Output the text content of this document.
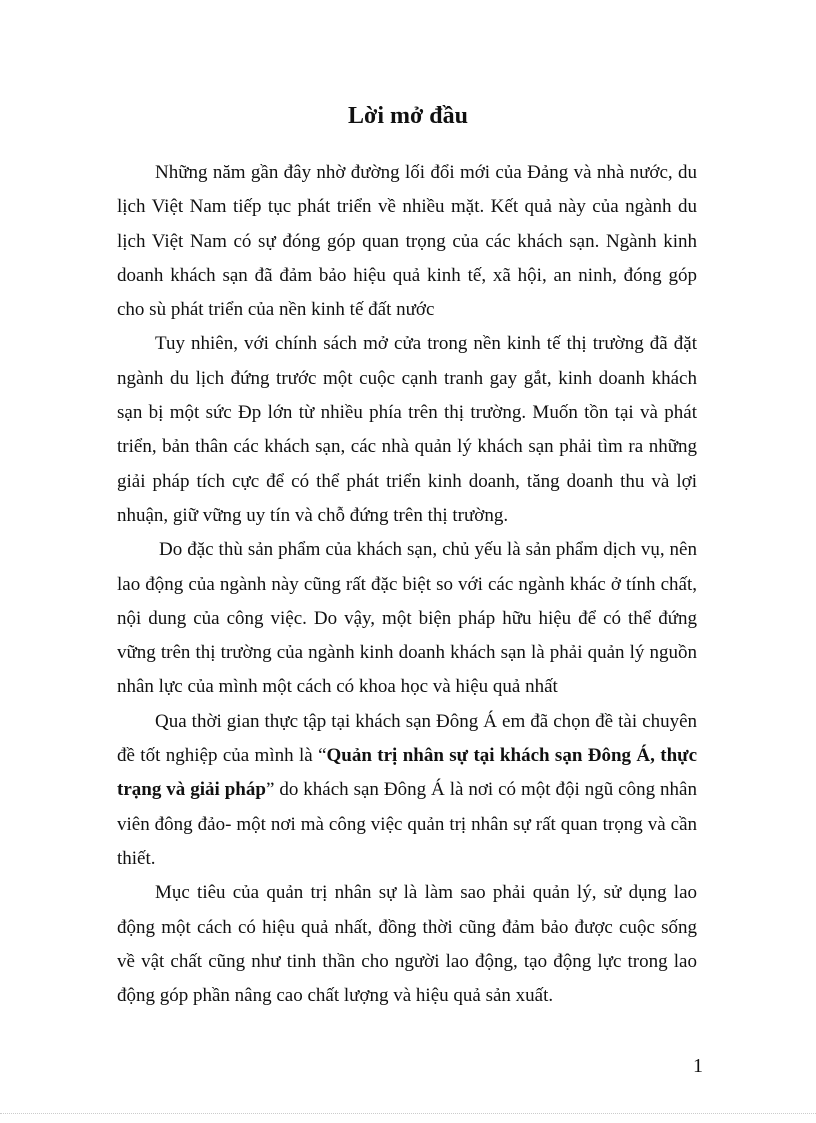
Lời mở đầu

Những năm gần đây nhờ đường lối đổi mới của Đảng và nhà nước, du lịch Việt Nam tiếp tục phát triển về nhiều mặt. Kết quả này của ngành du lịch Việt Nam có sự đóng góp quan trọng của các khách sạn. Ngành kinh doanh khách sạn đã đảm bảo hiệu quả kinh tế, xã hội, an ninh, đóng góp cho sù phát triển của nền kinh tế đất nước

Tuy nhiên, với chính sách mở cửa trong nền kinh tế thị trường đã đặt ngành du lịch đứng trước một cuộc cạnh tranh gay gắt, kinh doanh khách sạn bị một sức Đp lớn từ nhiều phía trên thị trường. Muốn tồn tại và phát triển, bản thân các khách sạn, các nhà quản lý khách sạn phải tìm ra những giải pháp tích cực để có thể phát triển kinh doanh, tăng doanh thu và lợi nhuận, giữ vững uy tín và chỗ đứng trên thị trường.

Do đặc thù sản phẩm của khách sạn, chủ yếu là sản phẩm dịch vụ, nên lao động của ngành này cũng rất đặc biệt so với các ngành khác ở tính chất, nội dung của công việc. Do vậy, một biện pháp hữu hiệu để có thể đứng vững trên thị trường của ngành kinh doanh khách sạn là phải quản lý nguồn nhân lực của mình một cách có khoa học và hiệu quả nhất

Qua thời gian thực tập tại khách sạn Đông Á em đã chọn đề tài chuyên đề tốt nghiệp của mình là “Quản trị nhân sự tại khách sạn Đông Á, thực trạng và giải pháp” do khách sạn Đông Á là nơi có một đội ngũ công nhân viên đông đảo- một nơi mà công việc quản trị nhân sự rất quan trọng và cần thiết.

Mục tiêu của quản trị nhân sự là làm sao phải quản lý, sử dụng lao động một cách có hiệu quả nhất, đồng thời cũng đảm bảo được cuộc sống về vật chất cũng như tinh thần cho người lao động, tạo động lực trong lao động góp phần nâng cao chất lượng và hiệu quả sản xuất.

1
